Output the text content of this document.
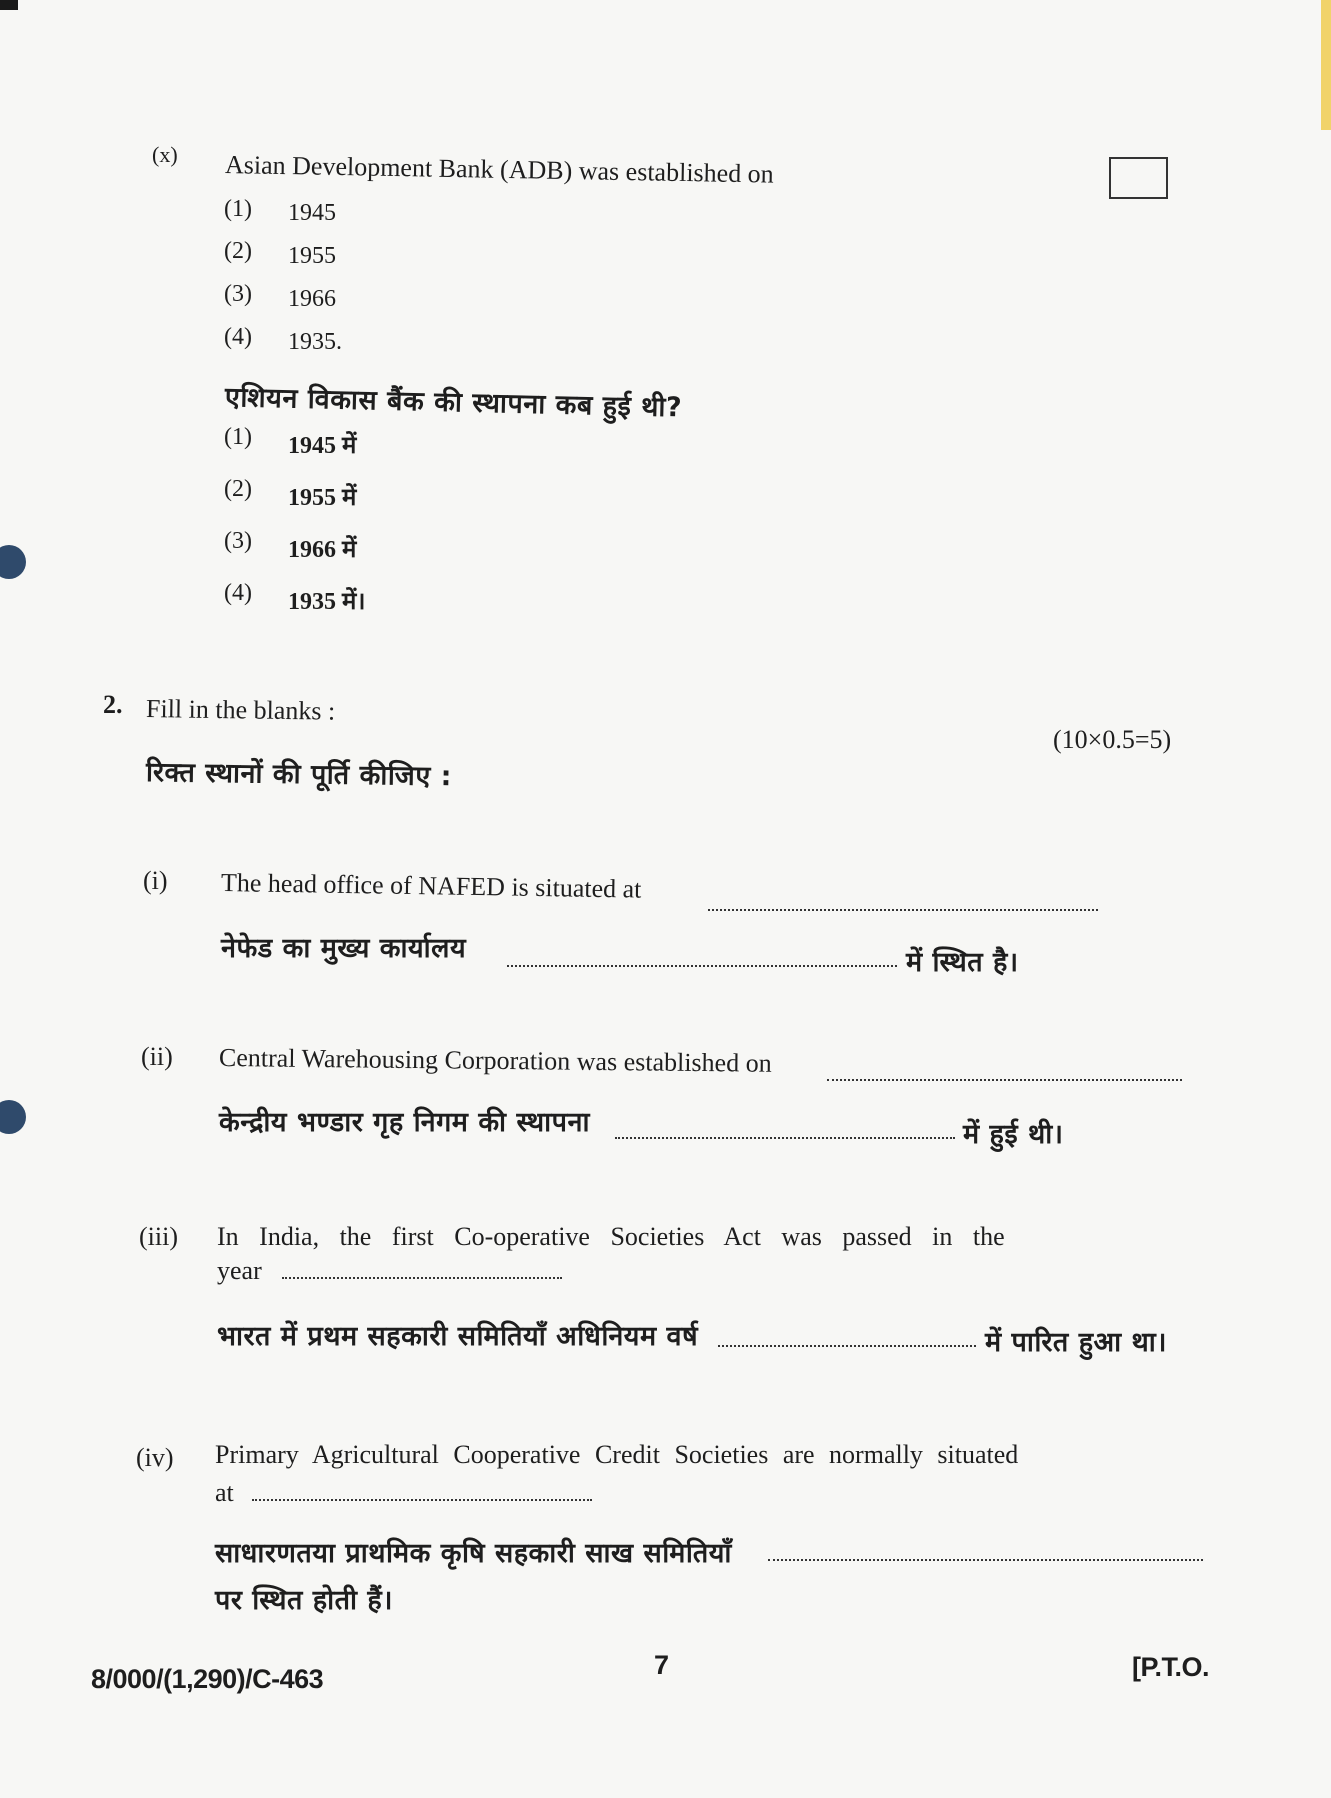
(x) Asian Development Bank (ADB) was established on
(1) 1945
(2) 1955
(3) 1966
(4) 1935.
एशियन विकास बैंक की स्थापना कब हुई थी?
(1) 1945 में
(2) 1955 में
(3) 1966 में
(4) 1935 में।
2. Fill in the blanks :
(10×0.5=5)
रिक्त स्थानों की पूर्ति कीजिए :
(i) The head office of NAFED is situated at
नेफेड का मुख्य कार्यालय	में स्थित है।
(ii) Central Warehousing Corporation was established on
केन्द्रीय भण्डार गृह निगम की स्थापना	में हुई थी।
(iii) In India, the first Co-operative Societies Act was passed in the
year
भारत में प्रथम सहकारी समितियाँ अधिनियम वर्ष	में पारित हुआ था।
(iv) Primary Agricultural Cooperative Credit Societies are normally situated
at
साधारणतया प्राथमिक कृषि सहकारी साख समितियाँ
पर स्थित होती हैं।
8/000/(1,290)/C-463	7	[P.T.O.
